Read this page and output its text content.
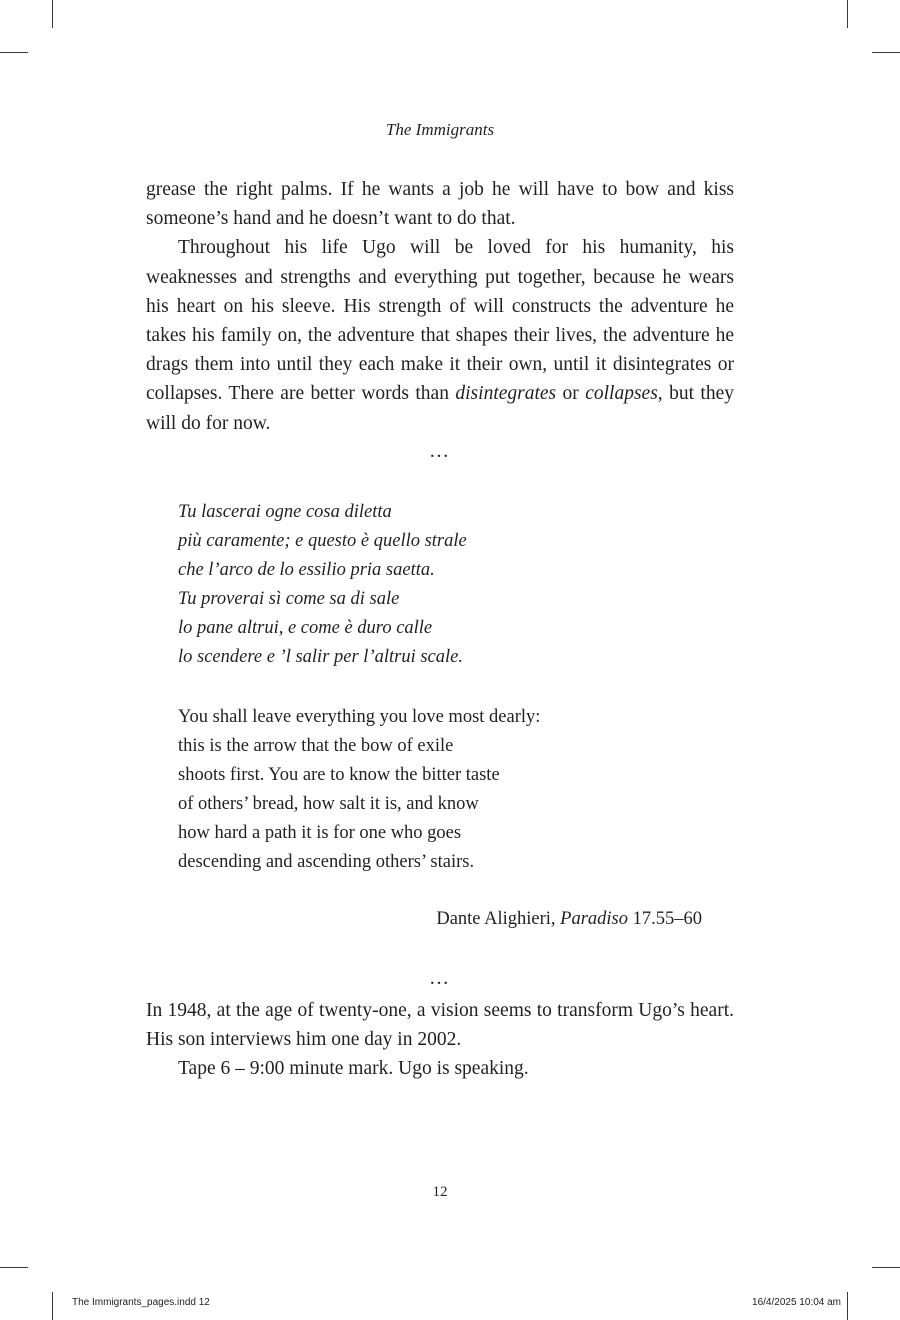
The Immigrants

grease the right palms. If he wants a job he will have to bow and kiss someone’s hand and he doesn’t want to do that.

Throughout his life Ugo will be loved for his humanity, his weaknesses and strengths and everything put together, because he wears his heart on his sleeve. His strength of will constructs the adventure he takes his family on, the adventure that shapes their lives, the adventure he drags them into until they each make it their own, until it disintegrates or collapses. There are better words than disintegrates or collapses, but they will do for now.

…
Tu lascerai ogne cosa diletta
più caramente; e questo è quello strale
che l’arco de lo essilio pria saetta.
Tu proverai sì come sa di sale
lo pane altrui, e come è duro calle
lo scendere e ’l salir per l’altrui scale.
You shall leave everything you love most dearly:
this is the arrow that the bow of exile
shoots first. You are to know the bitter taste
of others’ bread, how salt it is, and know
how hard a path it is for one who goes
descending and ascending others’ stairs.
Dante Alighieri, Paradiso 17.55–60
…

In 1948, at the age of twenty-one, a vision seems to transform Ugo’s heart. His son interviews him one day in 2002.

Tape 6 – 9:00 minute mark. Ugo is speaking.

12
The Immigrants_pages.indd 12	16/4/2025 10:04 am
